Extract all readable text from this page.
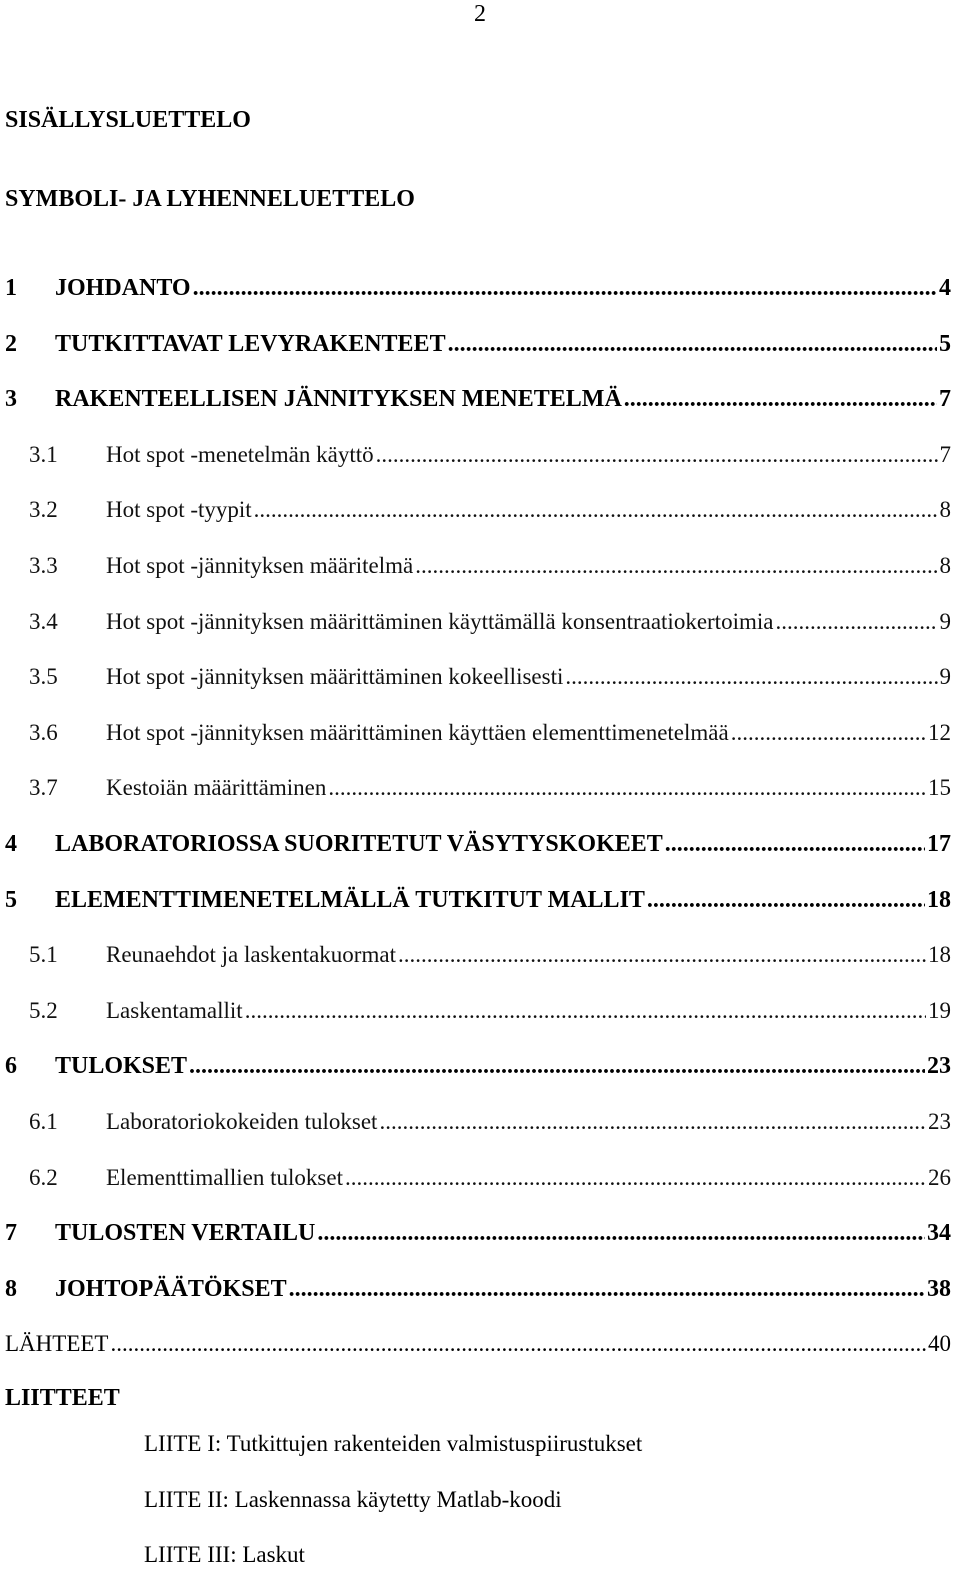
2
SISÄLLYSLUETTELO
SYMBOLI- JA LYHENNELUETTELO
1	JOHDANTO .....	4
2	TUTKITTAVAT LEVYRAKENTEET .....	5
3	RAKENTEELLISEN JÄNNITYKSEN MENETELMÄ .....	7
3.1	Hot spot -menetelmän käyttö .....	7
3.2	Hot spot -tyypit .....	8
3.3	Hot spot -jännityksen määritelmä .....	8
3.4	Hot spot -jännityksen määrittäminen käyttämällä konsentraatiokertoimia .....	9
3.5	Hot spot -jännityksen määrittäminen kokeellisesti .....	9
3.6	Hot spot -jännityksen määrittäminen käyttäen elementtimenetelmää .....	12
3.7	Kestoiän määrittäminen .....	15
4	LABORATORIOSSA SUORITETUT VÄSYTYSKOKEET .....	17
5	ELEMENTTIMENETELMÄLLÄ TUTKITUT MALLIT .....	18
5.1	Reunaehdot ja laskentakuormat .....	18
5.2	Laskentamallit .....	19
6	TULOKSET .....	23
6.1	Laboratoriokokeiden tulokset .....	23
6.2	Elementtimallien tulokset .....	26
7	TULOSTEN VERTAILU .....	34
8	JOHTOPÄÄTÖKSET .....	38
LÄHTEET .....	40
LIITTEET
LIITE I: Tutkittujen rakenteiden valmistuspiirustukset
LIITE II: Laskennassa käytetty Matlab-koodi
LIITE III: Laskut
